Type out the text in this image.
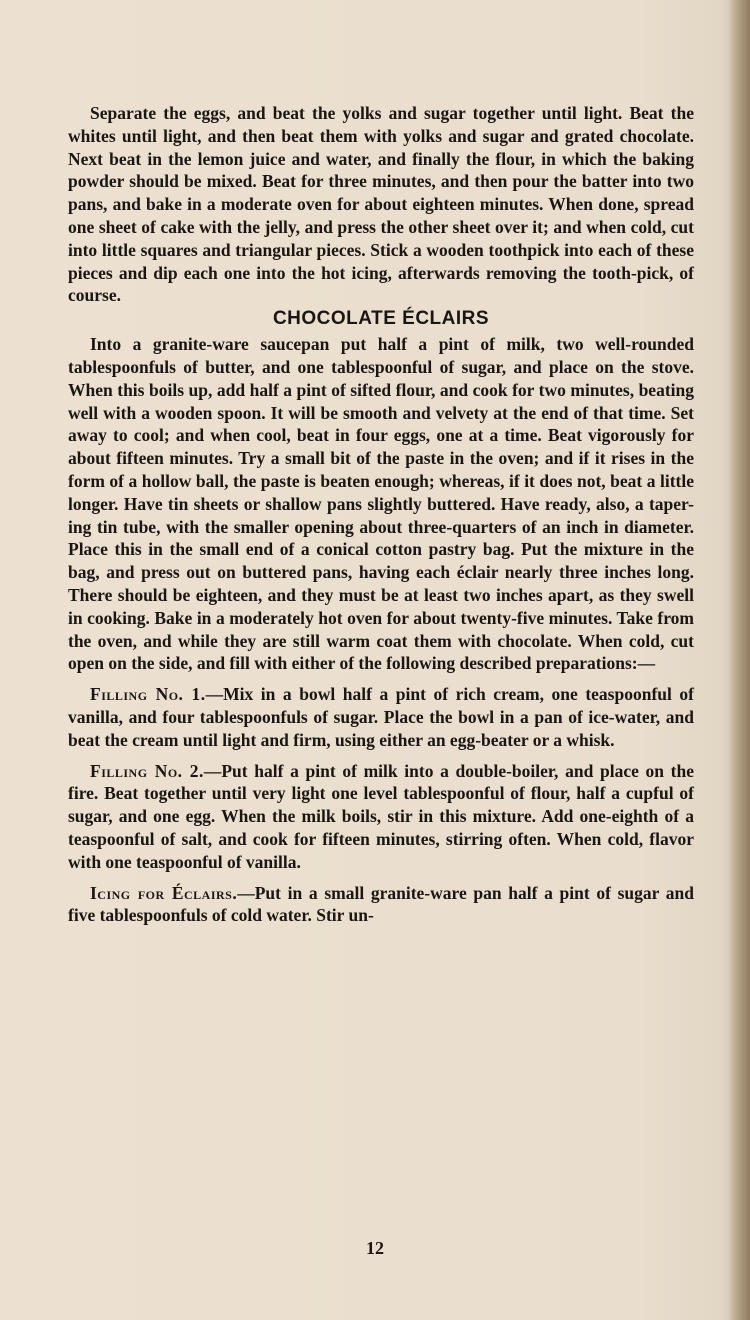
Separate the eggs, and beat the yolks and sugar together until light. Beat the whites until light, and then beat them with yolks and sugar and grated chocolate. Next beat in the lemon juice and water, and finally the flour, in which the baking powder should be mixed. Beat for three minutes, and then pour the batter into two pans, and bake in a moderate oven for about eighteen minutes. When done, spread one sheet of cake with the jelly, and press the other sheet over it; and when cold, cut into little squares and triangular pieces. Stick a wooden toothpick into each of these pieces and dip each one into the hot icing, afterwards removing the tooth-pick, of course.

CHOCOLATE ÉCLAIRS

Into a granite-ware saucepan put half a pint of milk, two well-rounded tablespoonfuls of butter, and one tablespoonful of sugar, and place on the stove. When this boils up, add half a pint of sifted flour, and cook for two minutes, beating well with a wooden spoon. It will be smooth and velvety at the end of that time. Set away to cool; and when cool, beat in four eggs, one at a time. Beat vigorously for about fifteen minutes. Try a small bit of the paste in the oven; and if it rises in the form of a hollow ball, the paste is beaten enough; whereas, if it does not, beat a little longer. Have tin sheets or shallow pans slightly buttered. Have ready, also, a taper-ing tin tube, with the smaller opening about three-quarters of an inch in diameter. Place this in the small end of a conical cotton pastry bag. Put the mixture in the bag, and press out on buttered pans, having each éclair nearly three inches long. There should be eighteen, and they must be at least two inches apart, as they swell in cooking. Bake in a moderately hot oven for about twenty-five minutes. Take from the oven, and while they are still warm coat them with chocolate. When cold, cut open on the side, and fill with either of the following described preparations:—

Filling No. 1.—Mix in a bowl half a pint of rich cream, one teaspoonful of vanilla, and four tablespoonfuls of sugar. Place the bowl in a pan of ice-water, and beat the cream until light and firm, using either an egg-beater or a whisk.

Filling No. 2.—Put half a pint of milk into a double-boiler, and place on the fire. Beat together until very light one level tablespoonful of flour, half a cupful of sugar, and one egg. When the milk boils, stir in this mixture. Add one-eighth of a teaspoonful of salt, and cook for fifteen minutes, stirring often. When cold, flavor with one teaspoonful of vanilla.

Icing for Éclairs.—Put in a small granite-ware pan half a pint of sugar and five tablespoonfuls of cold water. Stir un-

12
